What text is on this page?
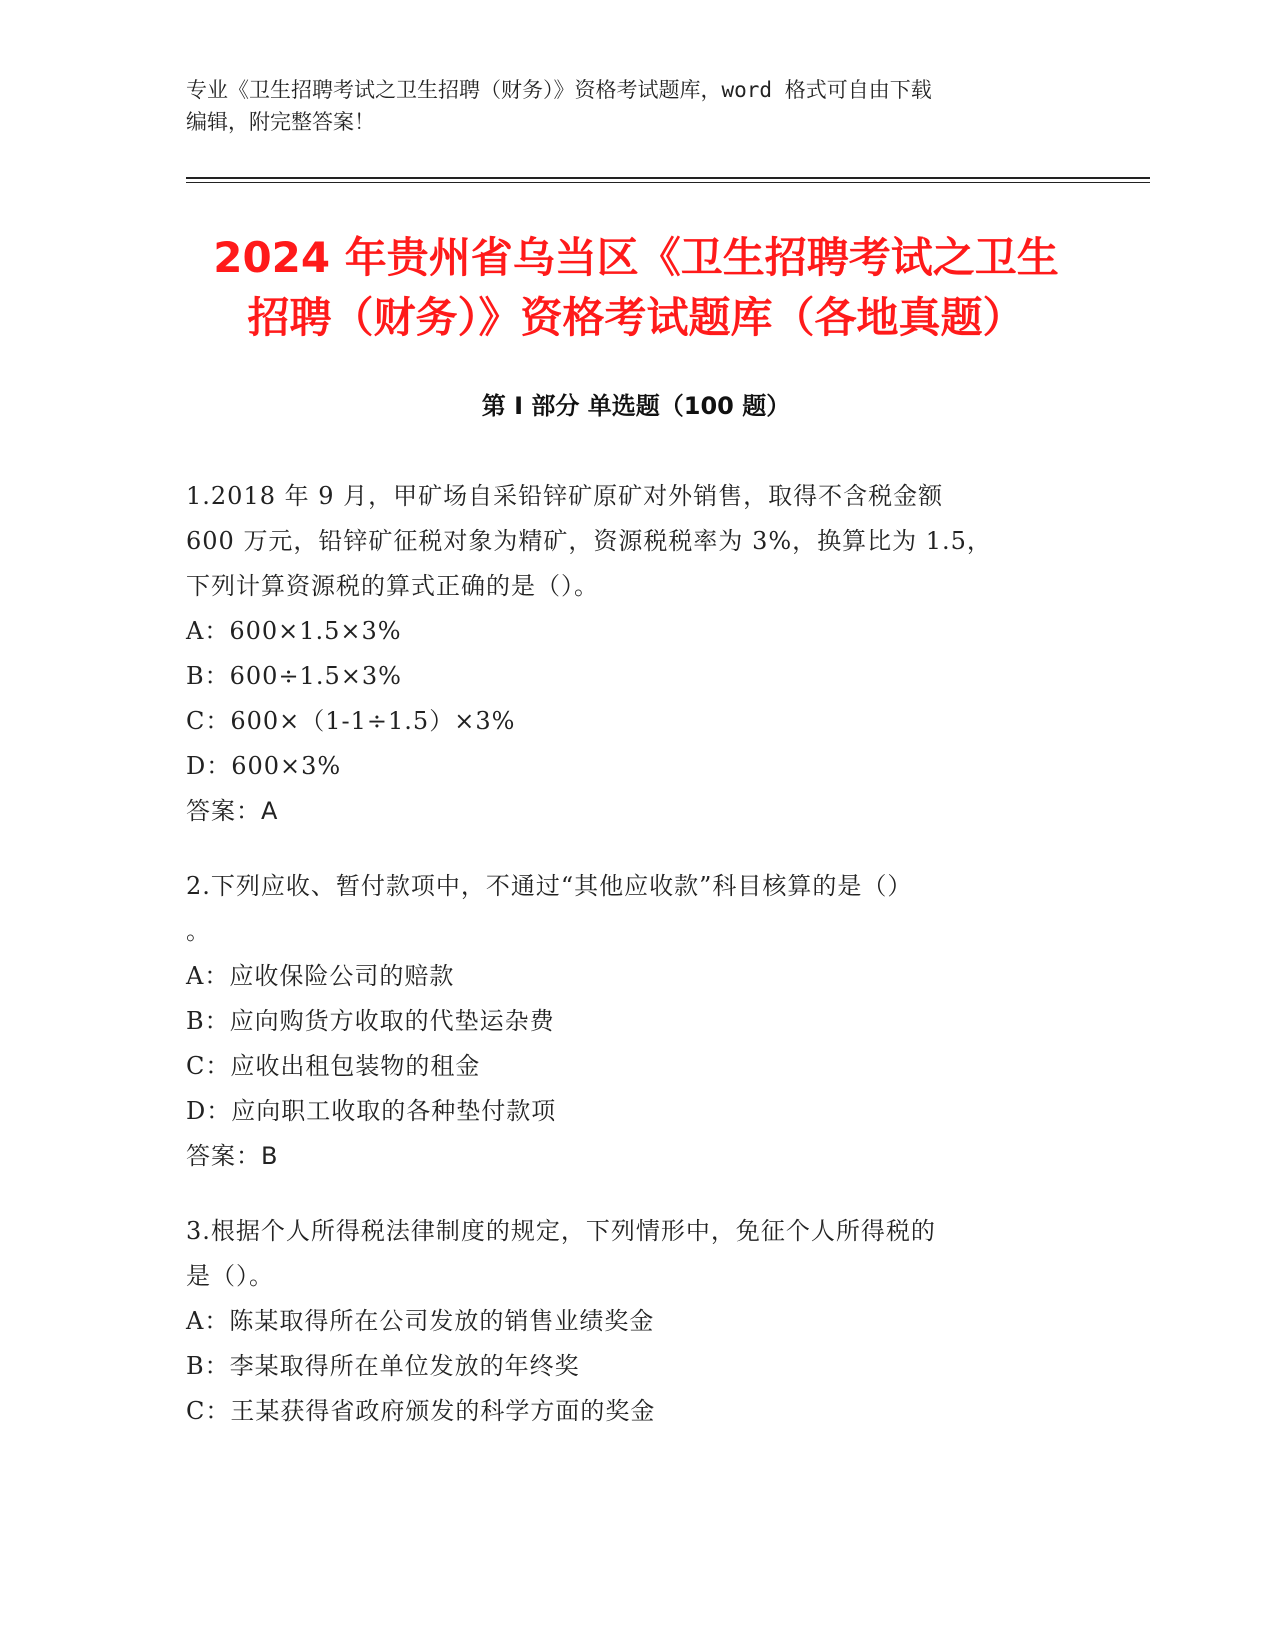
专业《卫生招聘考试之卫生招聘（财务）》资格考试题库，word 格式可自由下载
编辑，附完整答案！
2024 年贵州省乌当区《卫生招聘考试之卫生
招聘（财务）》资格考试题库（各地真题）
第 I 部分 单选题（100 题）
1.2018 年 9 月，甲矿场自采铅锌矿原矿对外销售，取得不含税金额
600 万元，铅锌矿征税对象为精矿，资源税税率为 3%，换算比为 1.5，
下列计算资源税的算式正确的是（）。
A：600×1.5×3%
B：600÷1.5×3%
C：600×（1-1÷1.5）×3%
D：600×3%
答案：A
2.下列应收、暂付款项中，不通过“其他应收款”科目核算的是（）
。
A：应收保险公司的赔款
B：应向购货方收取的代垫运杂费
C：应收出租包装物的租金
D：应向职工收取的各种垫付款项
答案：B
3.根据个人所得税法律制度的规定，下列情形中，免征个人所得税的
是（）。
A：陈某取得所在公司发放的销售业绩奖金
B：李某取得所在单位发放的年终奖
C：王某获得省政府颁发的科学方面的奖金
